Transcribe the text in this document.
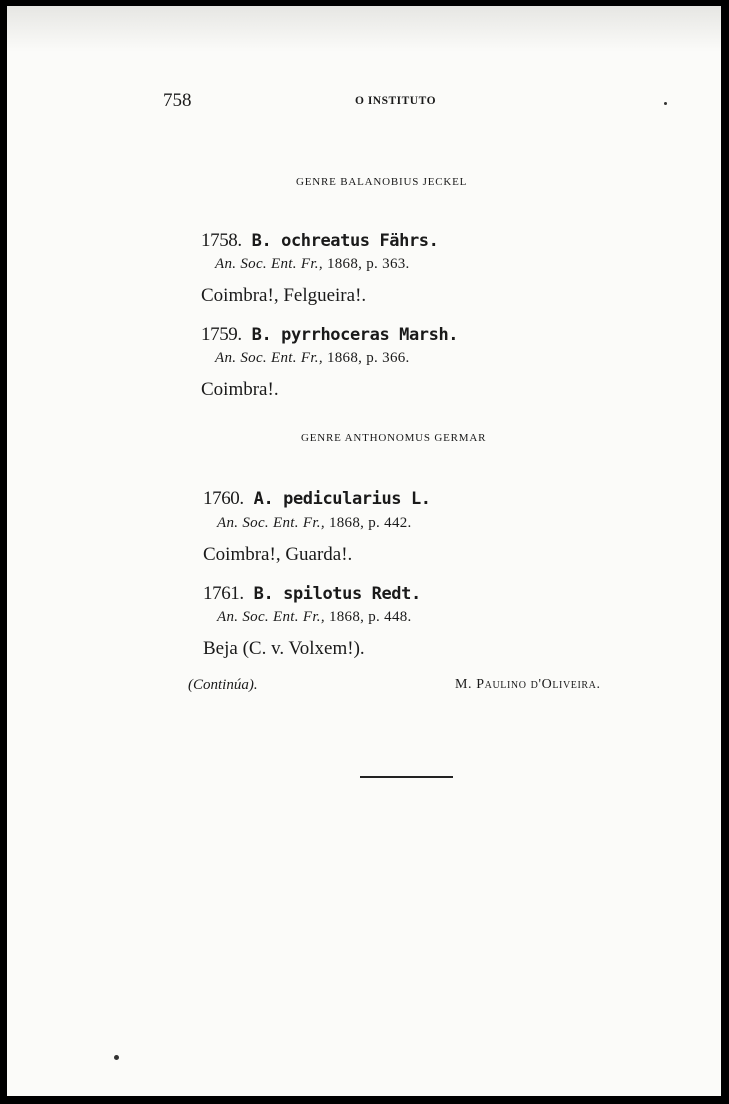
758	O INSTITUTO
GENRE BALANOBIUS JECKEL
1758. B. ochreatus Fährs.
An. Soc. Ent. Fr., 1868, p. 363.
Coimbra!, Felgueira!.
1759. B. pyrrhoceras Marsh.
An. Soc. Ent. Fr., 1868, p. 366.
Coimbra!.
GENRE ANTHONOMUS GERMAR
1760. A. pedicularius L.
An. Soc. Ent. Fr., 1868, p. 442.
Coimbra!, Guarda!.
1761. B. spilotus Redt.
An. Soc. Ent. Fr., 1868, p. 448.
Beja (C. v. Volxem!).
(Continúa).	M. Paulino d'Oliveira.
